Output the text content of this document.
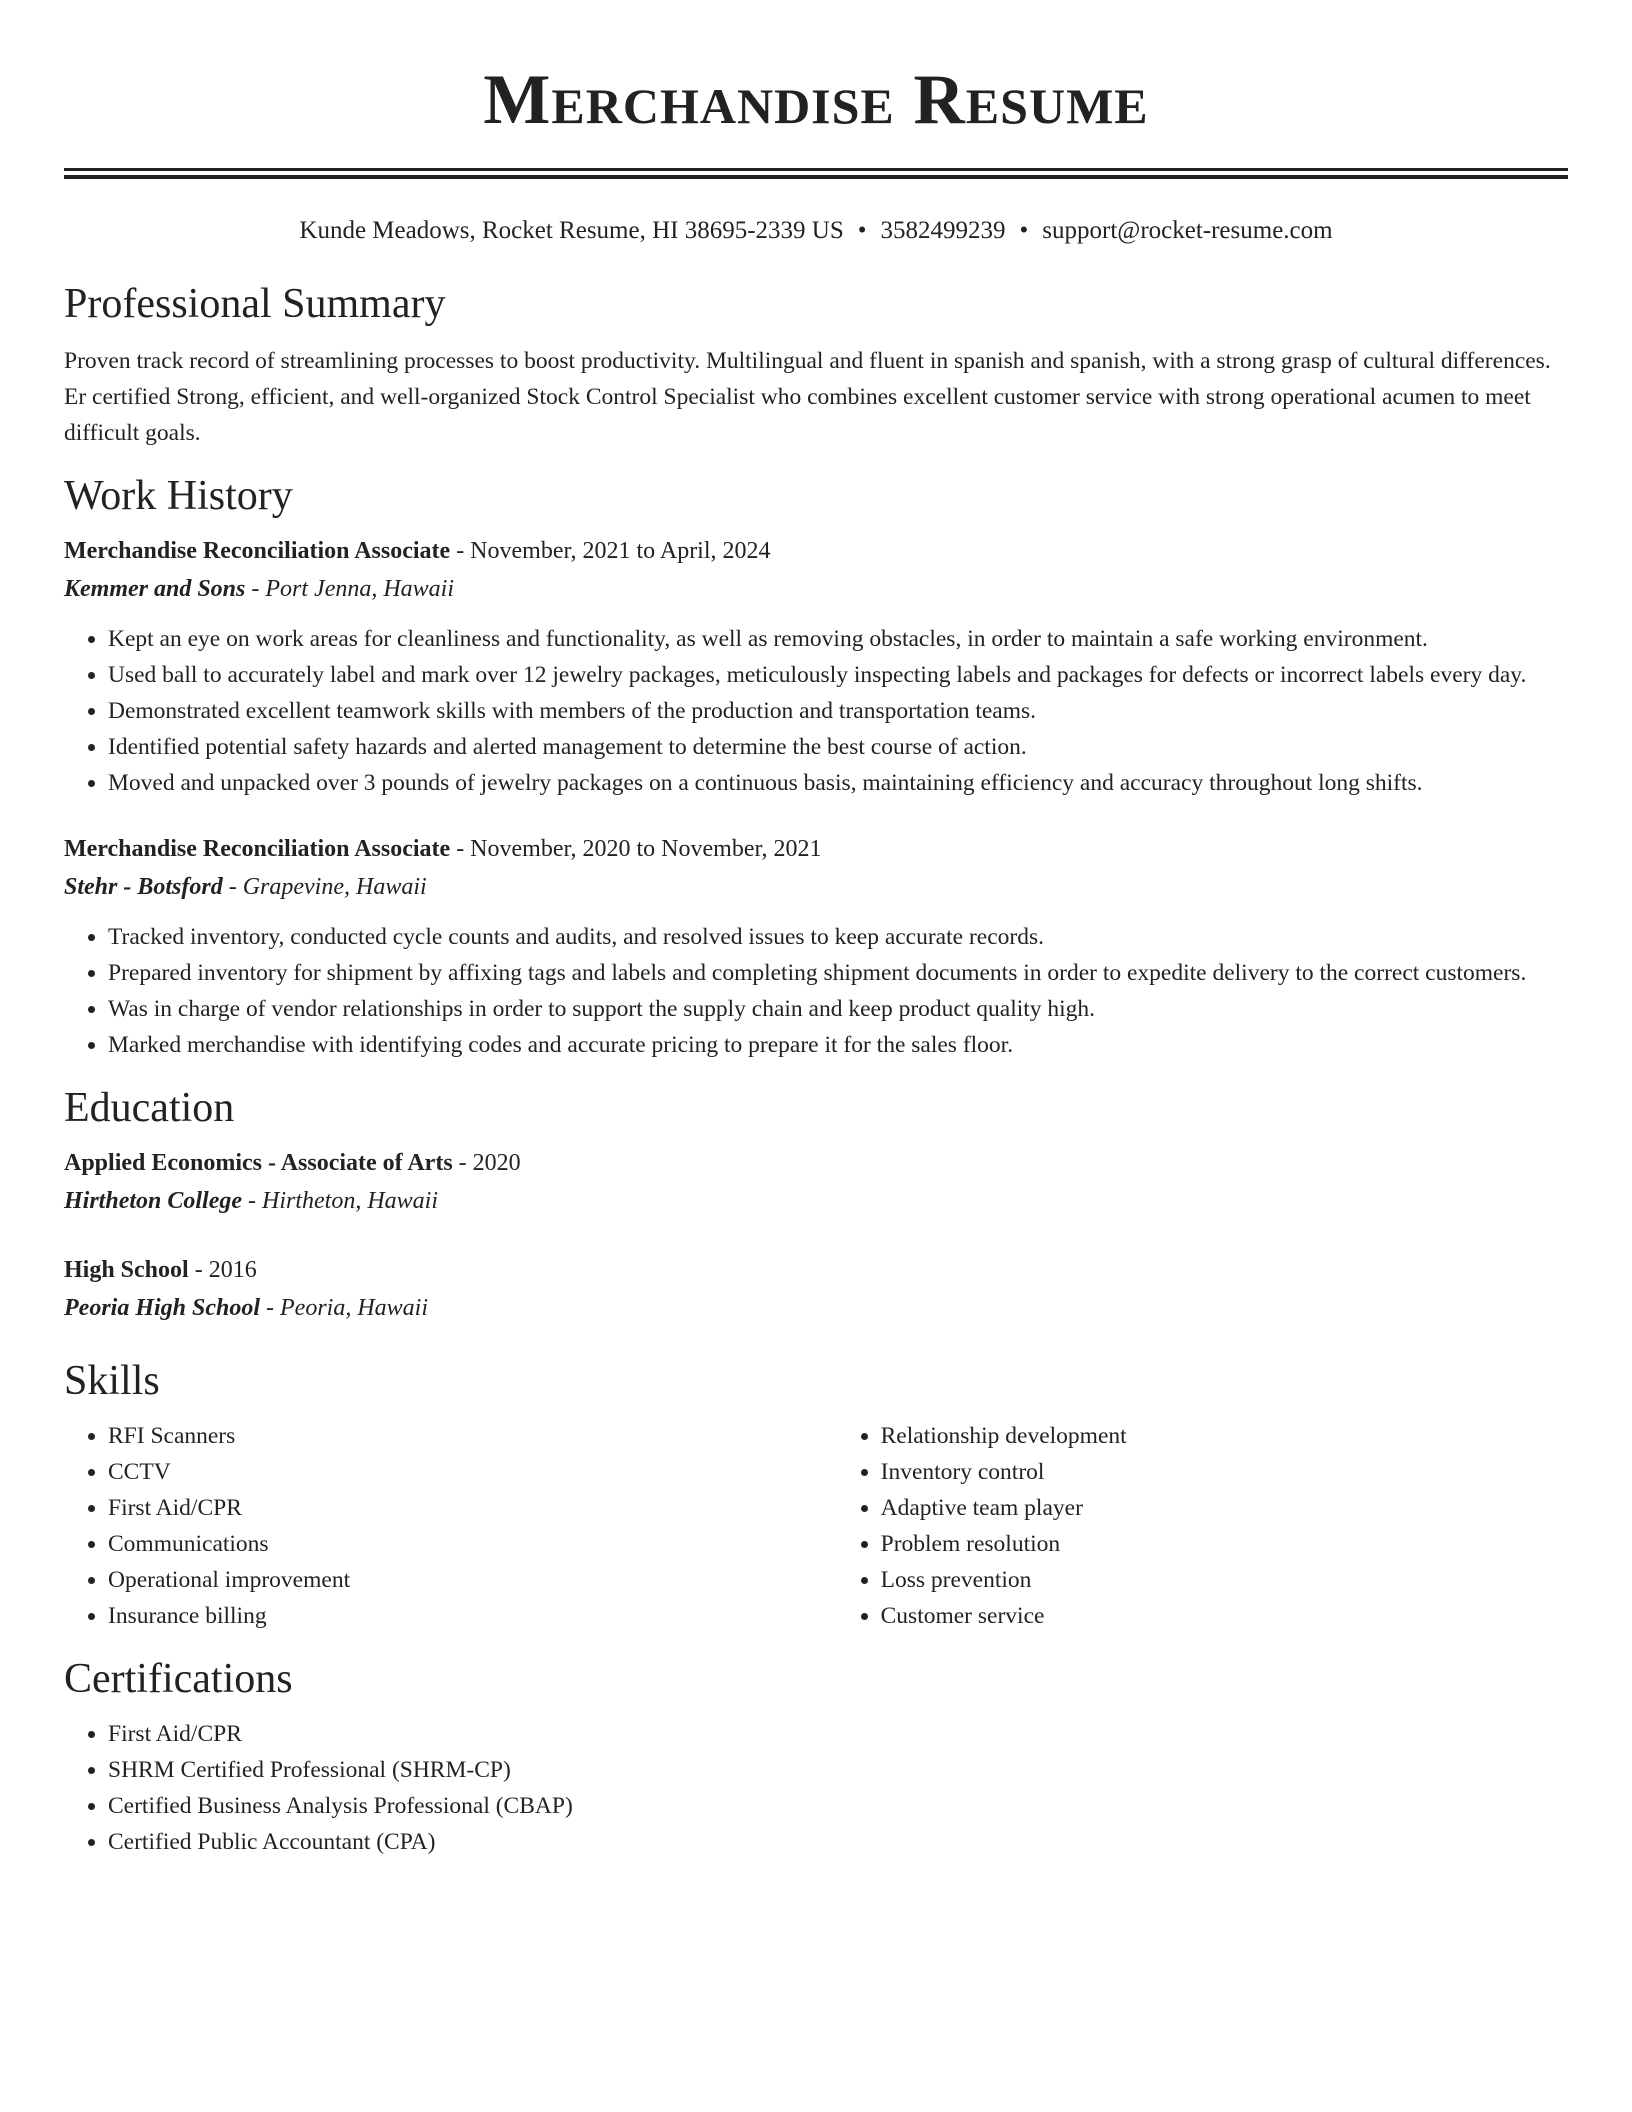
Merchandise Resume
Kunde Meadows, Rocket Resume, HI 38695-2339 US • 3582499239 • support@rocket-resume.com
Professional Summary

Proven track record of streamlining processes to boost productivity. Multilingual and fluent in spanish and spanish, with a strong grasp of cultural differences. Er certified Strong, efficient, and well-organized Stock Control Specialist who combines excellent customer service with strong operational acumen to meet difficult goals.

Work History
Merchandise Reconciliation Associate - November, 2021 to April, 2024
Kemmer and Sons - Port Jenna, Hawaii
• Kept an eye on work areas for cleanliness and functionality, as well as removing obstacles, in order to maintain a safe working environment.
• Used ball to accurately label and mark over 12 jewelry packages, meticulously inspecting labels and packages for defects or incorrect labels every day.
• Demonstrated excellent teamwork skills with members of the production and transportation teams.
• Identified potential safety hazards and alerted management to determine the best course of action.
• Moved and unpacked over 3 pounds of jewelry packages on a continuous basis, maintaining efficiency and accuracy throughout long shifts.
Merchandise Reconciliation Associate - November, 2020 to November, 2021
Stehr - Botsford - Grapevine, Hawaii
• Tracked inventory, conducted cycle counts and audits, and resolved issues to keep accurate records.
• Prepared inventory for shipment by affixing tags and labels and completing shipment documents in order to expedite delivery to the correct customers.
• Was in charge of vendor relationships in order to support the supply chain and keep product quality high.
• Marked merchandise with identifying codes and accurate pricing to prepare it for the sales floor.
Education
Applied Economics - Associate of Arts - 2020
Hirtheton College - Hirtheton, Hawaii
High School - 2016
Peoria High School - Peoria, Hawaii
Skills
• RFI Scanners
• CCTV
• First Aid/CPR
• Communications
• Operational improvement
• Insurance billing
• Relationship development
• Inventory control
• Adaptive team player
• Problem resolution
• Loss prevention
• Customer service
Certifications
• First Aid/CPR
• SHRM Certified Professional (SHRM-CP)
• Certified Business Analysis Professional (CBAP)
• Certified Public Accountant (CPA)
